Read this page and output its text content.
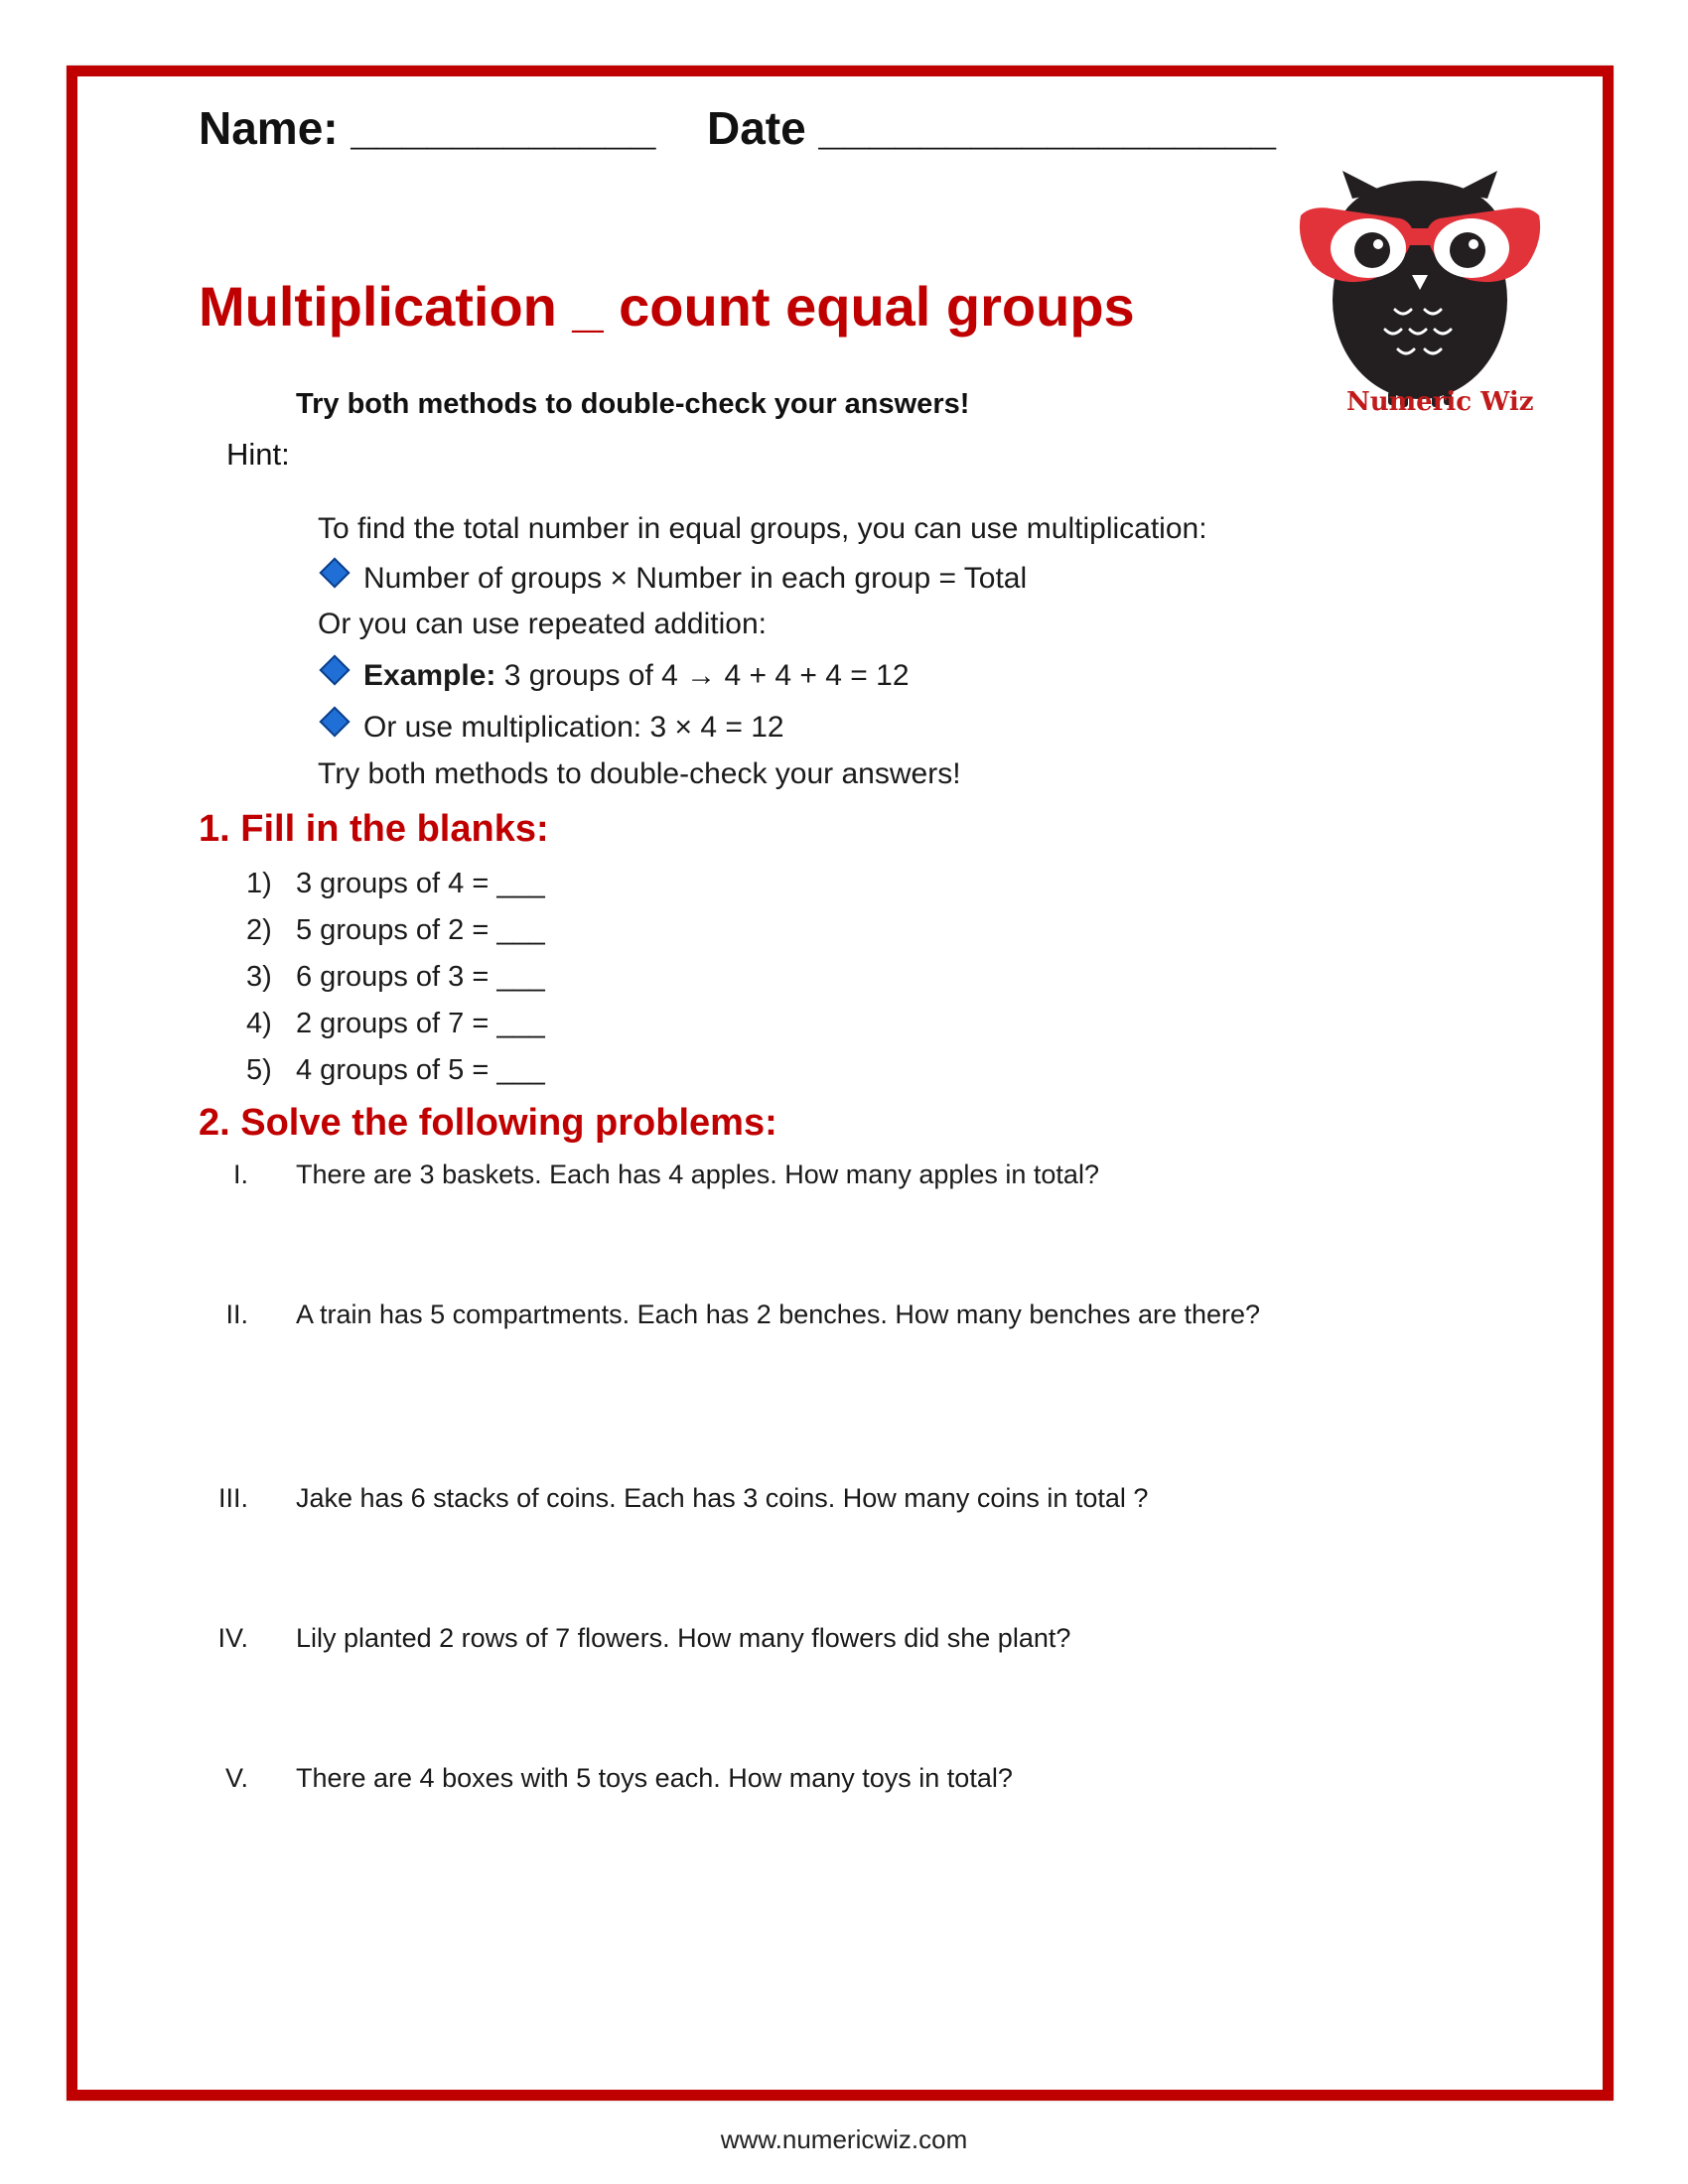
Name: ____________ Date __________________
Numeric Wiz
Multiplication _ count equal groups
Try both methods to double-check your answers!
Hint:
To find the total number in equal groups, you can use multiplication:
Number of groups × Number in each group = Total
Or you can use repeated addition:
Example: 3 groups of 4 → 4 + 4 + 4 = 12
Or use multiplication: 3 × 4 = 12
Try both methods to double-check your answers!
1. Fill in the blanks:
1) 3 groups of 4 = ___
2) 5 groups of 2 = ___
3) 6 groups of 3 = ___
4) 2 groups of 7 = ___
5) 4 groups of 5 = ___
2. Solve the following problems:
I. There are 3 baskets. Each has 4 apples. How many apples in total?
II. A train has 5 compartments. Each has 2 benches. How many benches are there?
III. Jake has 6 stacks of coins. Each has 3 coins. How many coins in total ?
IV. Lily planted 2 rows of 7 flowers. How many flowers did she plant?
V. There are 4 boxes with 5 toys each. How many toys in total?
www.numericwiz.com
